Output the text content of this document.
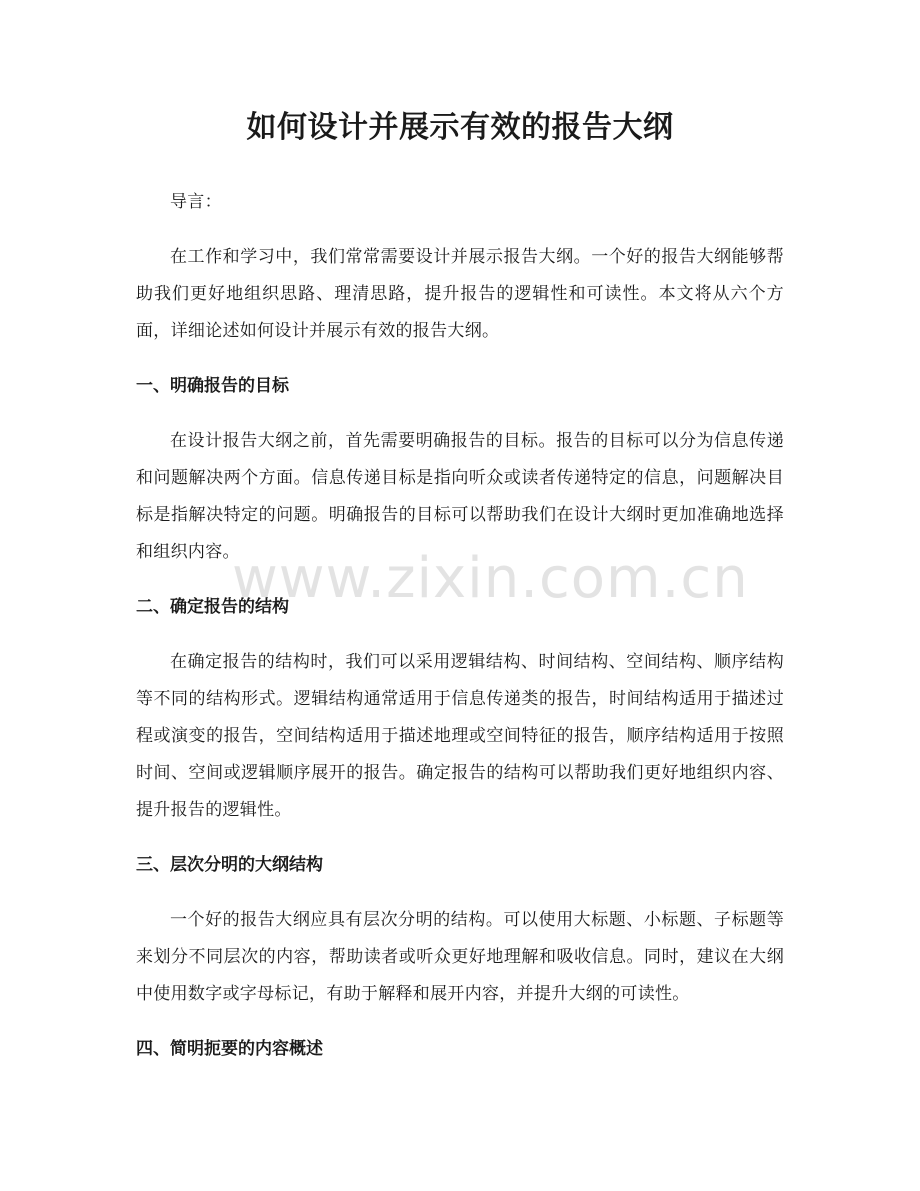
如何设计并展示有效的报告大纲

导言：

在工作和学习中，我们常常需要设计并展示报告大纲。一个好的报告大纲能够帮助我们更好地组织思路、理清思路，提升报告的逻辑性和可读性。本文将从六个方面，详细论述如何设计并展示有效的报告大纲。

一、明确报告的目标

在设计报告大纲之前，首先需要明确报告的目标。报告的目标可以分为信息传递和问题解决两个方面。信息传递目标是指向听众或读者传递特定的信息，问题解决目标是指解决特定的问题。明确报告的目标可以帮助我们在设计大纲时更加准确地选择和组织内容。

二、确定报告的结构

在确定报告的结构时，我们可以采用逻辑结构、时间结构、空间结构、顺序结构等不同的结构形式。逻辑结构通常适用于信息传递类的报告，时间结构适用于描述过程或演变的报告，空间结构适用于描述地理或空间特征的报告，顺序结构适用于按照时间、空间或逻辑顺序展开的报告。确定报告的结构可以帮助我们更好地组织内容、提升报告的逻辑性。

三、层次分明的大纲结构

一个好的报告大纲应具有层次分明的结构。可以使用大标题、小标题、子标题等来划分不同层次的内容，帮助读者或听众更好地理解和吸收信息。同时，建议在大纲中使用数字或字母标记，有助于解释和展开内容，并提升大纲的可读性。

四、简明扼要的内容概述
www.zixin.com.cn
